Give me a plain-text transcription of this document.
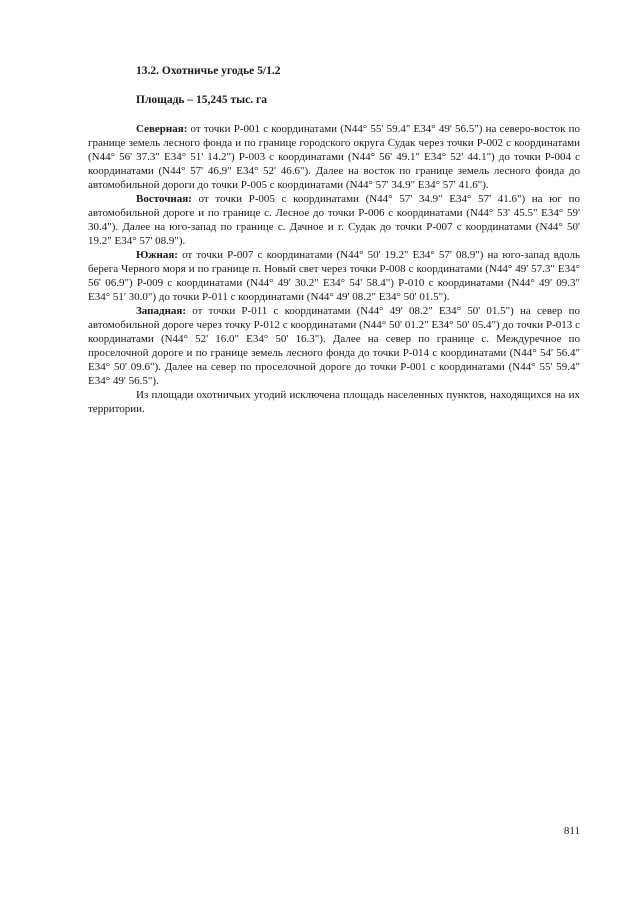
13.2. Охотничье угодье 5/1.2
Площадь – 15,245 тыс. га

Северная: от точки Р-001 с координатами (N44° 55' 59.4" E34° 49' 56.5") на северо-восток по границе земель лесного фонда и по границе городского округа Судак через точки Р-002 с координатами (N44° 56' 37.3" E34° 51' 14.2") Р-003 с координатами (N44° 56' 49.1" E34° 52' 44.1") до точки Р-004 с координатами (N44° 57' 46.9" E34° 52' 46.6"). Далее на восток по границе земель лесного фонда до автомобильной дороги до точки Р-005 с координатами (N44° 57' 34.9" E34° 57' 41.6").

Восточная: от точки Р-005 с координатами (N44° 57' 34.9" E34° 57' 41.6") на юг по автомобильной дороге и по границе с. Лесное до точки Р-006 с координатами (N44° 53' 45.5" E34° 59' 30.4"). Далее на юго-запад по границе с. Дачное и г. Судак до точки Р-007 с координатами (N44° 50' 19.2" E34° 57' 08.9").

Южная: от точки Р-007 с координатами (N44° 50' 19.2" E34° 57' 08.9") на юго-запад вдоль берега Черного моря и по границе п. Новый свет через точки Р-008 с координатами (N44° 49' 57.3" E34° 56' 06.9") Р-009 с координатами (N44° 49' 30.2" E34° 54' 58.4") Р-010 с координатами (N44° 49' 09.3" E34° 51' 30.0") до точки Р-011 с координатами (N44° 49' 08.2" E34° 50' 01.5").

Западная: от точки Р-011 с координатами (N44° 49' 08.2" E34° 50' 01.5") на север по автомобильной дороге через точку Р-012 с координатами (N44° 50' 01.2" E34° 50' 05.4") до точки Р-013 с координатами (N44° 52' 16.0" E34° 50' 16.3"). Далее на север по границе с. Междуречное по проселочной дороге и по границе земель лесного фонда до точки Р-014 с координатами (N44° 54' 56.4" E34° 50' 09.6"). Далее на север по проселочной дороге до точки Р-001 с координатами (N44° 55' 59.4" E34° 49' 56.5").

Из площади охотничьих угодий исключена площадь населенных пунктов, находящихся на их территории.

811
